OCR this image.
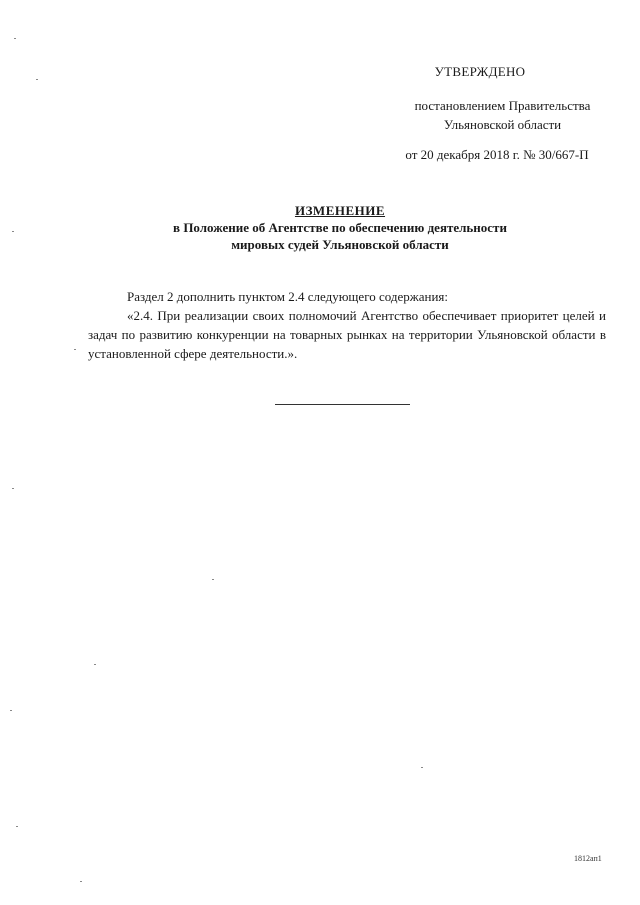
УТВЕРЖДЕНО
постановлением Правительства Ульяновской области
от 20 декабря 2018 г. № 30/667-П
ИЗМЕНЕНИЕ
в Положение об Агентстве по обеспечению деятельности
мировых судей Ульяновской области
Раздел 2 дополнить пунктом 2.4 следующего содержания:
«2.4. При реализации своих полномочий Агентство обеспечивает приоритет целей и задач по развитию конкуренции на товарных рынках на территории Ульяновской области в установленной сфере деятельности.».
1812ап1
